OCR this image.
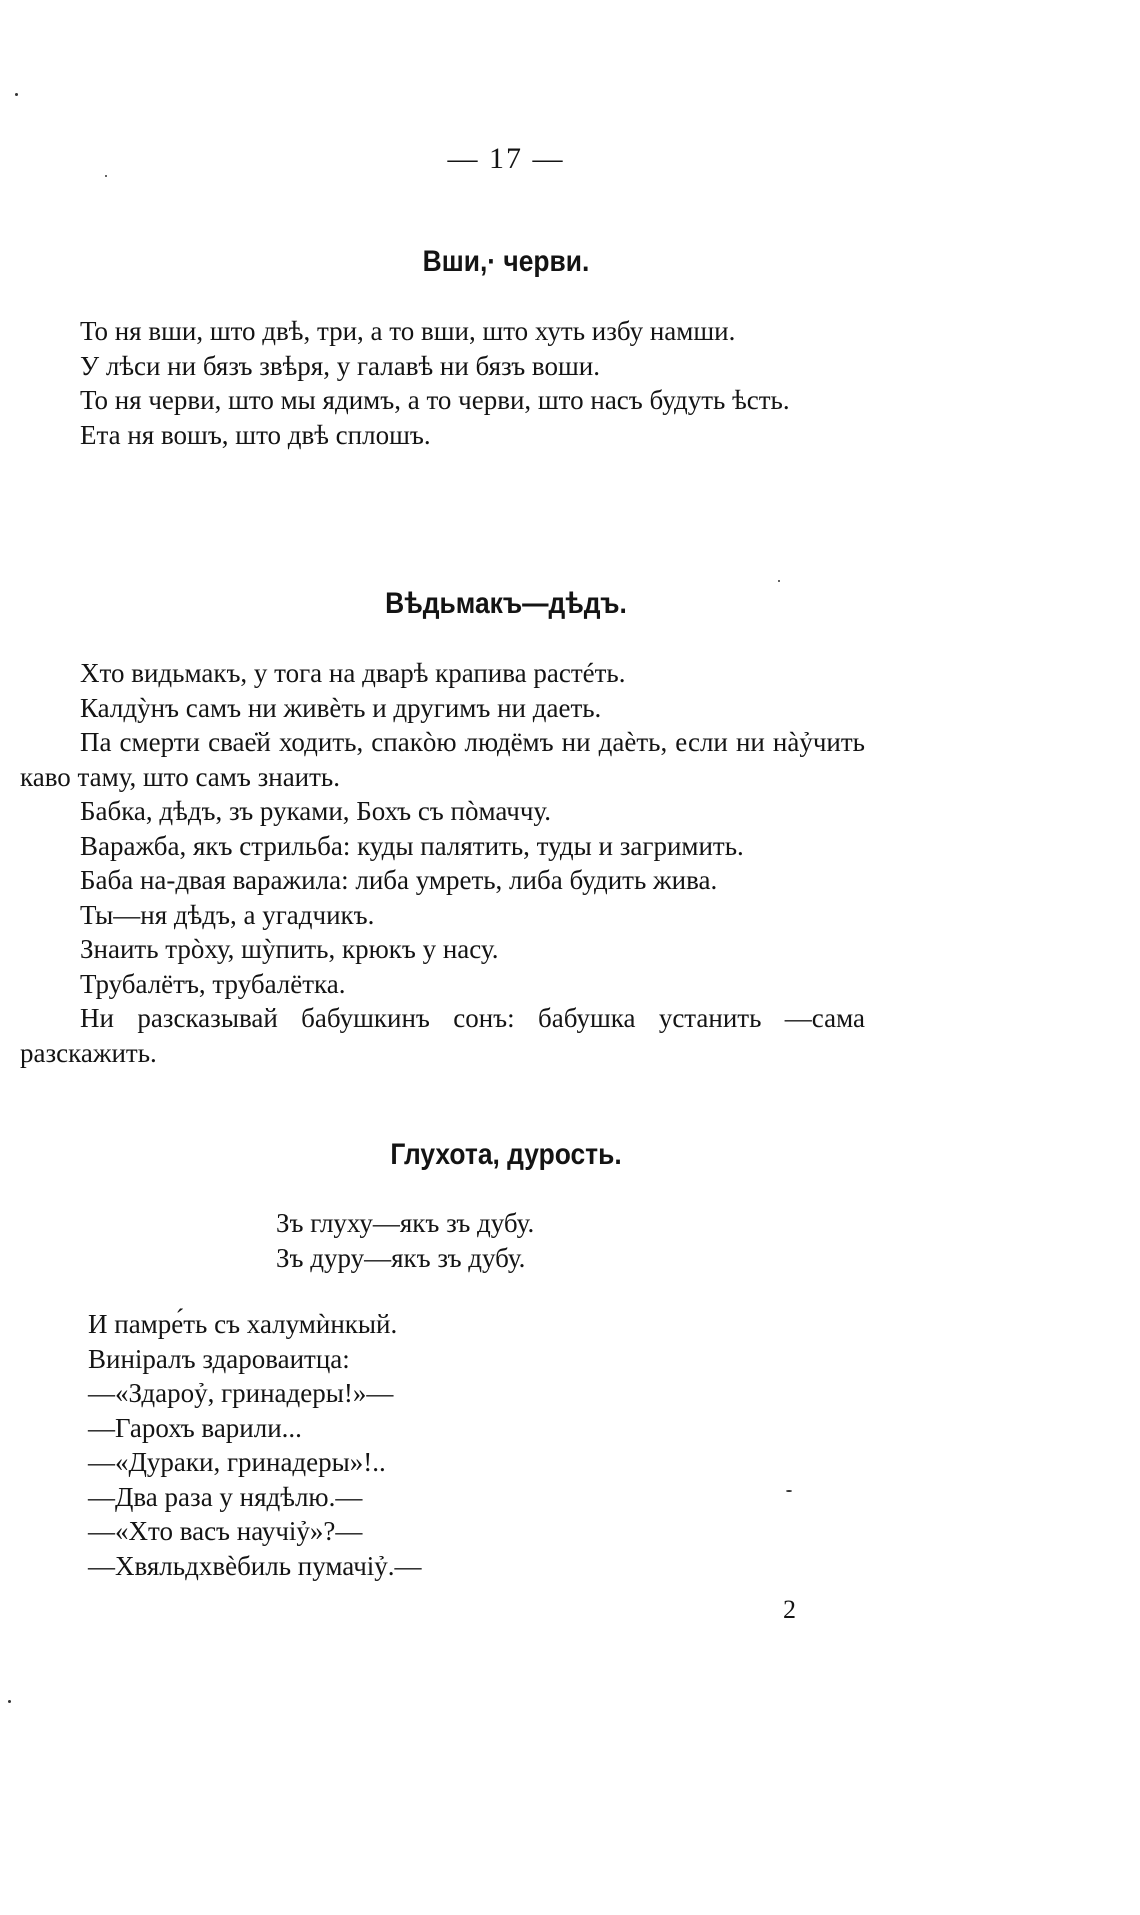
— 17 —
Вши,· черви.

То ня вши, што двѣ, три, а то вши, што хуть избу намши.

У лѣси ни бязъ звѣря, у галавѣ ни бязъ воши.

То ня черви, што мы ядимъ, а то черви, што насъ будуть ѣсть.

Ета ня вошъ, што двѣ сплошъ.

Вѣдьмакъ—дѣдъ.

Хто видьмакъ, у тога на дварѣ крапива растéть.

Калдỳнъ самъ ни живѐть и другимъ ни даеть.

Па смерти свае̇й ходить, спакòю людёмъ ни даѐть, если ни нàỷчить каво таму, што самъ знаить.

Бабка, дѣдъ, зъ руками, Бохъ съ пòмаччу.

Варажба, якъ стрильба: куды палятить, туды и загримить.

Баба на-двая варажила: либа умреть, либа будить жива.

Ты—ня дѣдъ, а угадчикъ.

Знаить трòху, шỳпить, крюкъ у насу.

Трубалётъ, трубалётка.

Ни разсказывай бабушкинъ сонъ: бабушка устанить —сама разскажить.

Глухота, дурость.

Зъ глуху—якъ зъ дубу.

Зъ дуру—якъ зъ дубу.

И памре́ть съ халумѝнкый.

Винiралъ здароваитца:

—«Здароỷ, гринадеры!»—

—Гарохъ варили...

—«Дураки, гринадеры»!..

—Два раза у нядѣлю.—

—«Хто васъ научiỷ»?—

—Хвяльдхвѐбиль пумачiỷ.—

2
